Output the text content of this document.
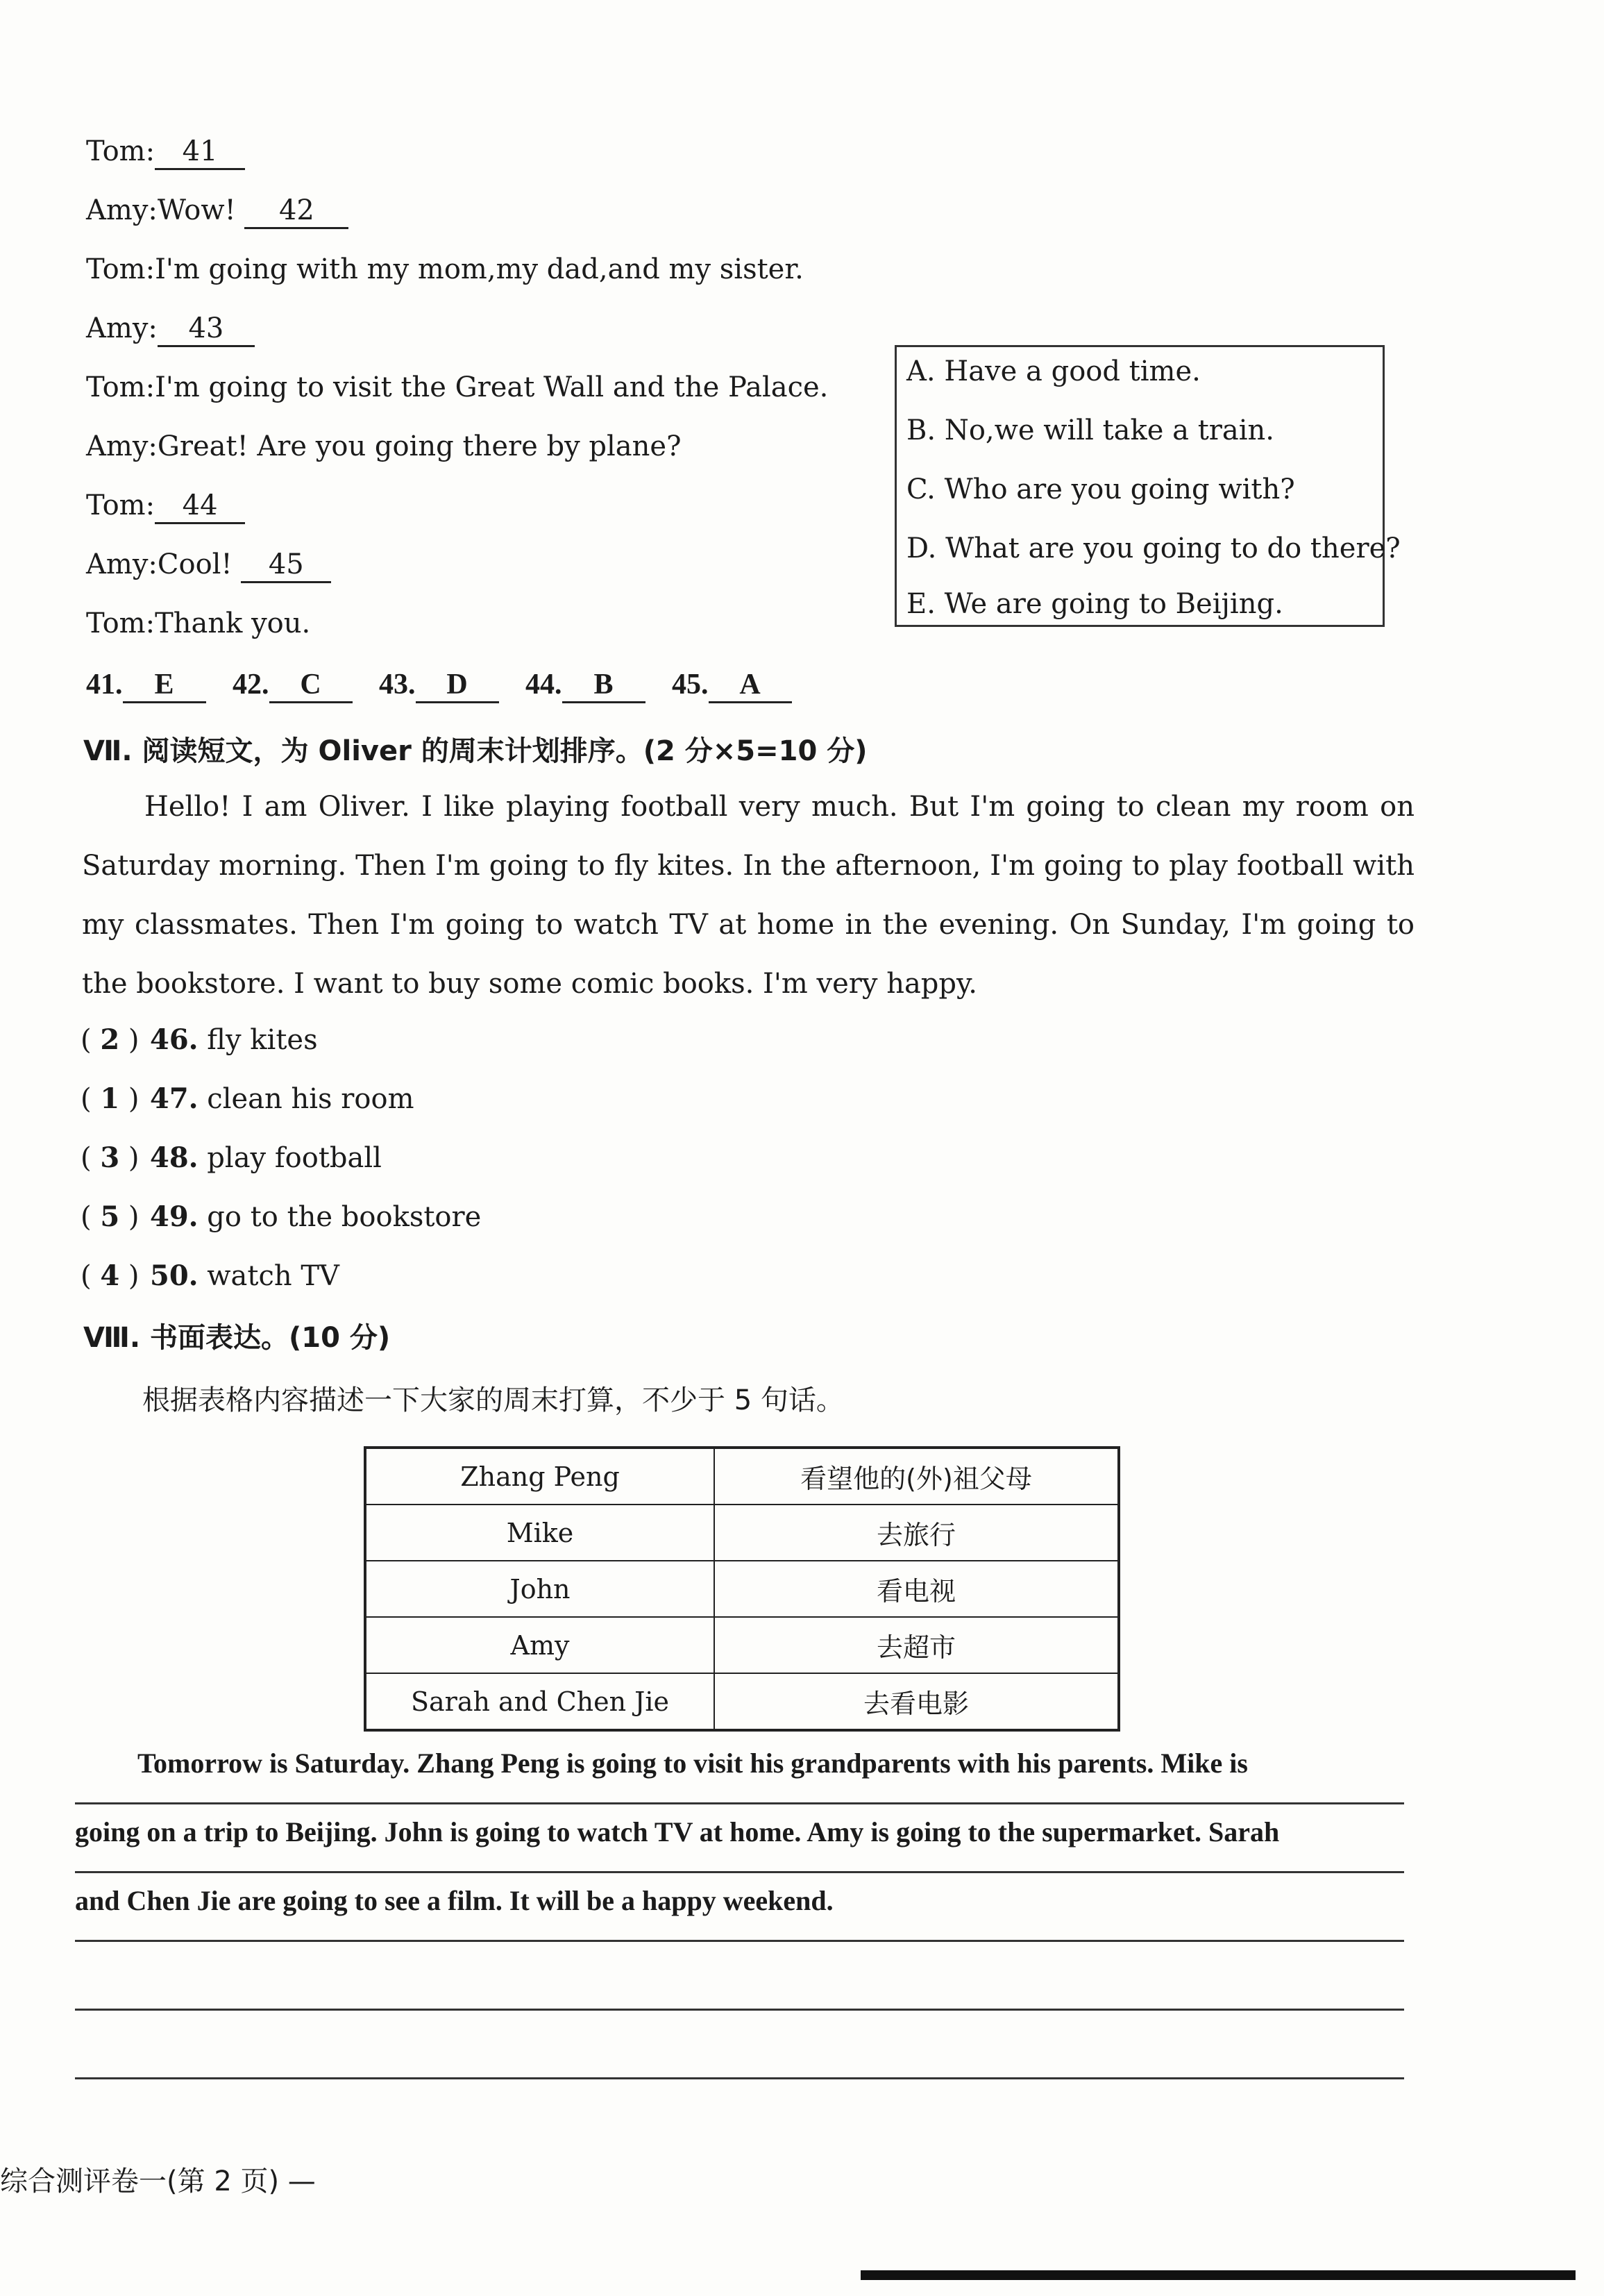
Tom: 41
Amy:Wow! 42
Tom:I'm going with my mom,my dad,and my sister.
Amy: 43
Tom:I'm going to visit the Great Wall and the Palace.
Amy:Great! Are you going there by plane?
Tom: 44
Amy:Cool! 45
Tom:Thank you.
A. Have a good time.
B. No,we will take a train.
C. Who are you going with?
D. What are you going to do there?
E. We are going to Beijing.
41. E 42. C 43. D 44. B 45. A
Ⅶ. 阅读短文，为 Oliver 的周末计划排序。(2 分×5=10 分)
Hello! I am Oliver. I like playing football very much. But I'm going to clean my room on Saturday morning. Then I'm going to fly kites. In the afternoon, I'm going to play football with my classmates. Then I'm going to watch TV at home in the evening. On Sunday, I'm going to the bookstore. I want to buy some comic books. I'm very happy.
( 2 ) 46. fly kites
( 1 ) 47. clean his room
( 3 ) 48. play football
( 5 ) 49. go to the bookstore
( 4 ) 50. watch TV
Ⅷ. 书面表达。(10 分)
根据表格内容描述一下大家的周末打算，不少于 5 句话。
Zhang Peng	看望他的(外)祖父母
Mike	去旅行
John	看电视
Amy	去超市
Sarah and Chen Jie	去看电影
Tomorrow is Saturday. Zhang Peng is going to visit his grandparents with his parents. Mike is
going on a trip to Beijing. John is going to watch TV at home. Amy is going to the supermarket. Sarah
and Chen Jie are going to see a film. It will be a happy weekend.
综合测评卷一(第 2 页) —
